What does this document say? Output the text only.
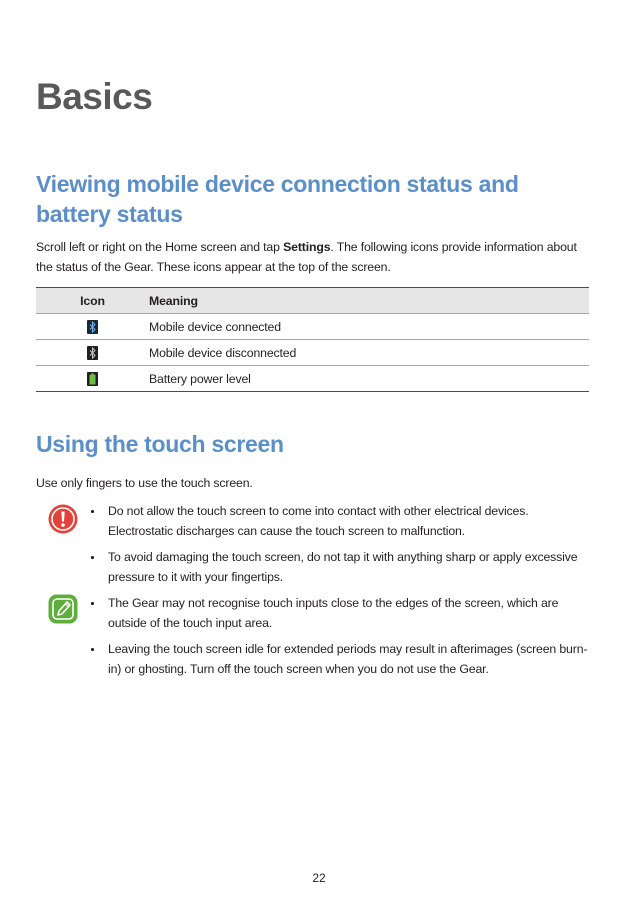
Basics
Viewing mobile device connection status and battery status

Scroll left or right on the Home screen and tap Settings. The following icons provide information about the status of the Gear. These icons appear at the top of the screen.

Icon	Meaning
	Mobile device connected
	Mobile device disconnected
	Battery power level
Using the touch screen

Use only fingers to use the touch screen.

Do not allow the touch screen to come into contact with other electrical devices. Electrostatic discharges can cause the touch screen to malfunction.
To avoid damaging the touch screen, do not tap it with anything sharp or apply excessive pressure to it with your fingertips.
The Gear may not recognise touch inputs close to the edges of the screen, which are outside of the touch input area.
Leaving the touch screen idle for extended periods may result in afterimages (screen burn-in) or ghosting. Turn off the touch screen when you do not use the Gear.
22
